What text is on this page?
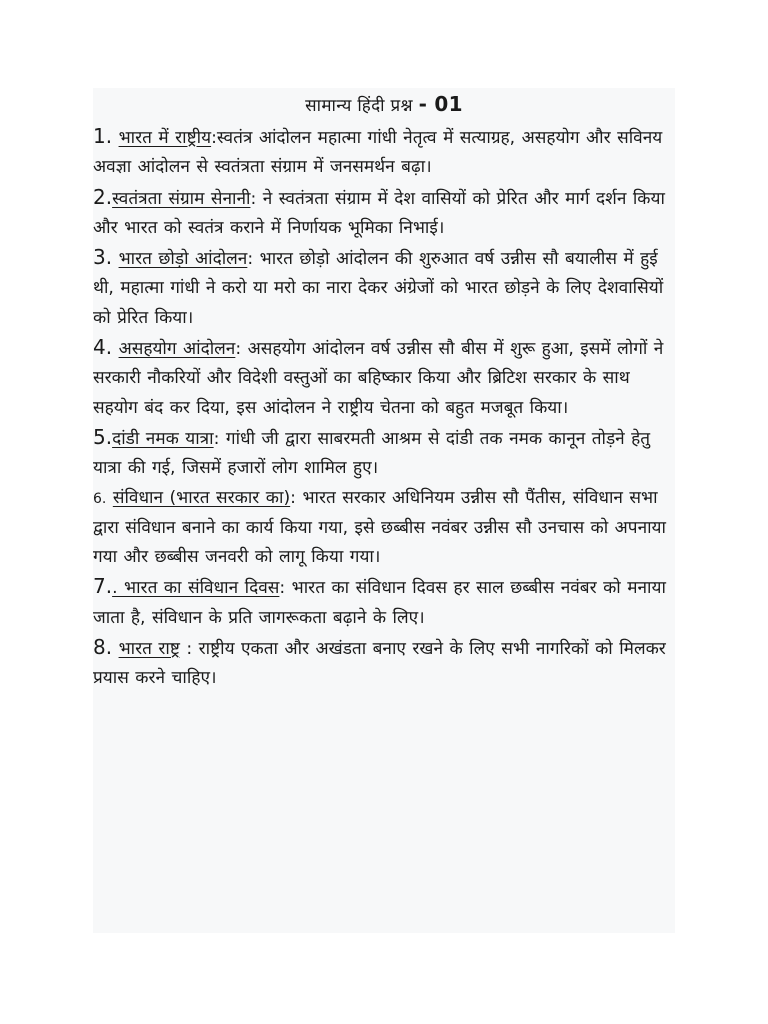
सामान्य हिंदी प्रश्न - 01

1. भारत में राष्ट्रीय:स्वतंत्र आंदोलन महात्मा गांधी नेतृत्व में सत्याग्रह, असहयोग और सविनय अवज्ञा आंदोलन से स्वतंत्रता संग्राम में जनसमर्थन बढ़ा।

2.स्वतंत्रता संग्राम सेनानी: ने स्वतंत्रता संग्राम में देश वासियों को प्रेरित और मार्ग दर्शन किया और भारत को स्वतंत्र कराने में निर्णायक भूमिका निभाई।

3. भारत छोड़ो आंदोलन: भारत छोड़ो आंदोलन की शुरुआत वर्ष उन्नीस सौ बयालीस में हुई थी, महात्मा गांधी ने करो या मरो का नारा देकर अंग्रेजों को भारत छोड़ने के लिए देशवासियों को प्रेरित किया।

4. असहयोग आंदोलन: असहयोग आंदोलन वर्ष उन्नीस सौ बीस में शुरू हुआ, इसमें लोगों ने सरकारी नौकरियों और विदेशी वस्तुओं का बहिष्कार किया और ब्रिटिश सरकार के साथ सहयोग बंद कर दिया, इस आंदोलन ने राष्ट्रीय चेतना को बहुत मजबूत किया।

5.दांडी नमक यात्रा: गांधी जी द्वारा साबरमती आश्रम से दांडी तक नमक कानून तोड़ने हेतु यात्रा की गई, जिसमें हजारों लोग शामिल हुए।

6. संविधान (भारत सरकार का): भारत सरकार अधिनियम उन्नीस सौ पैंतीस, संविधान सभा द्वारा संविधान बनाने का कार्य किया गया, इसे छब्बीस नवंबर उन्नीस सौ उनचास को अपनाया गया और छब्बीस जनवरी को लागू किया गया।

7.. भारत का संविधान दिवस: भारत का संविधान दिवस हर साल छब्बीस नवंबर को मनाया जाता है, संविधान के प्रति जागरूकता बढ़ाने के लिए।

8. भारत राष्ट्र : राष्ट्रीय एकता और अखंडता बनाए रखने के लिए सभी नागरिकों को मिलकर प्रयास करने चाहिए।
